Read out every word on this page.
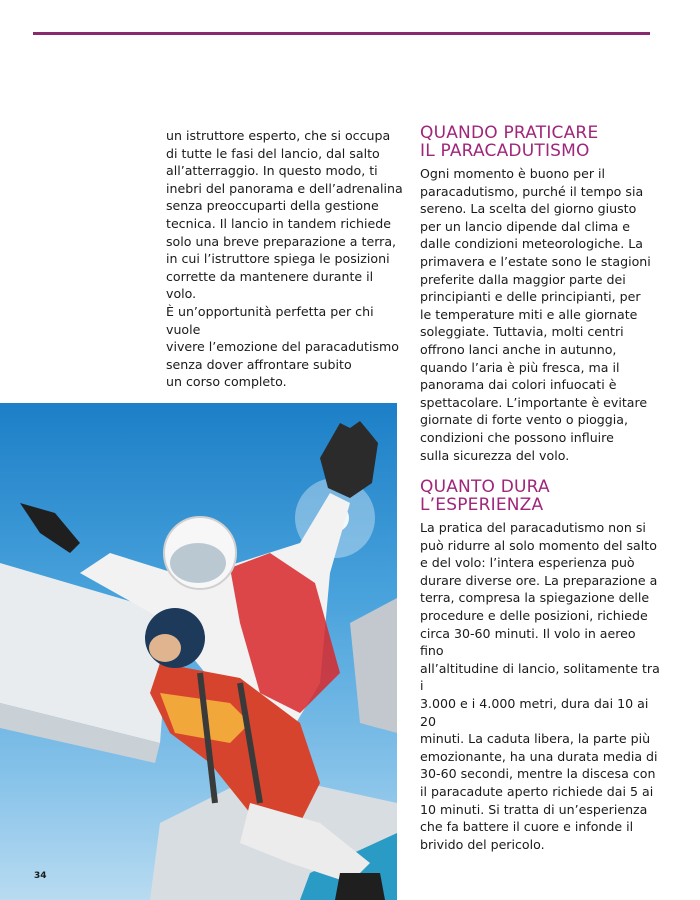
un istruttore esperto, che si occupa
di tutte le fasi del lancio, dal salto
all’atterraggio. In questo modo, ti
inebri del panorama e dell’adrenalina
senza preoccuparti della gestione
tecnica. Il lancio in tandem richiede
solo una breve preparazione a terra,
in cui l’istruttore spiega le posizioni
corrette da mantenere durante il volo.
È un’opportunità perfetta per chi vuole
vivere l’emozione del paracadutismo
senza dover affrontare subito
un corso completo.

QUANDO PRATICARE
IL PARACADUTISMO

Ogni momento è buono per il
paracadutismo, purché il tempo sia
sereno. La scelta del giorno giusto
per un lancio dipende dal clima e
dalle condizioni meteorologiche. La
primavera e l’estate sono le stagioni
preferite dalla maggior parte dei
principianti e delle principianti, per
le temperature miti e alle giornate
soleggiate. Tuttavia, molti centri
offrono lanci anche in autunno,
quando l’aria è più fresca, ma il
panorama dai colori infuocati è
spettacolare. L’importante è evitare
giornate di forte vento o pioggia,
condizioni che possono influire
sulla sicurezza del volo.

QUANTO DURA
L’ESPERIENZA

La pratica del paracadutismo non si
può ridurre al solo momento del salto
e del volo: l’intera esperienza può
durare diverse ore. La preparazione a
terra, compresa la spiegazione delle
procedure e delle posizioni, richiede
circa 30-60 minuti. Il volo in aereo fino
all’altitudine di lancio, solitamente tra i
3.000 e i 4.000 metri, dura dai 10 ai 20
minuti. La caduta libera, la parte più
emozionante, ha una durata media di
30-60 secondi, mentre la discesa con
il paracadute aperto richiede dai 5 ai
10 minuti. Si tratta di un’esperienza
che fa battere il cuore e infonde il
brivido del pericolo.

34
